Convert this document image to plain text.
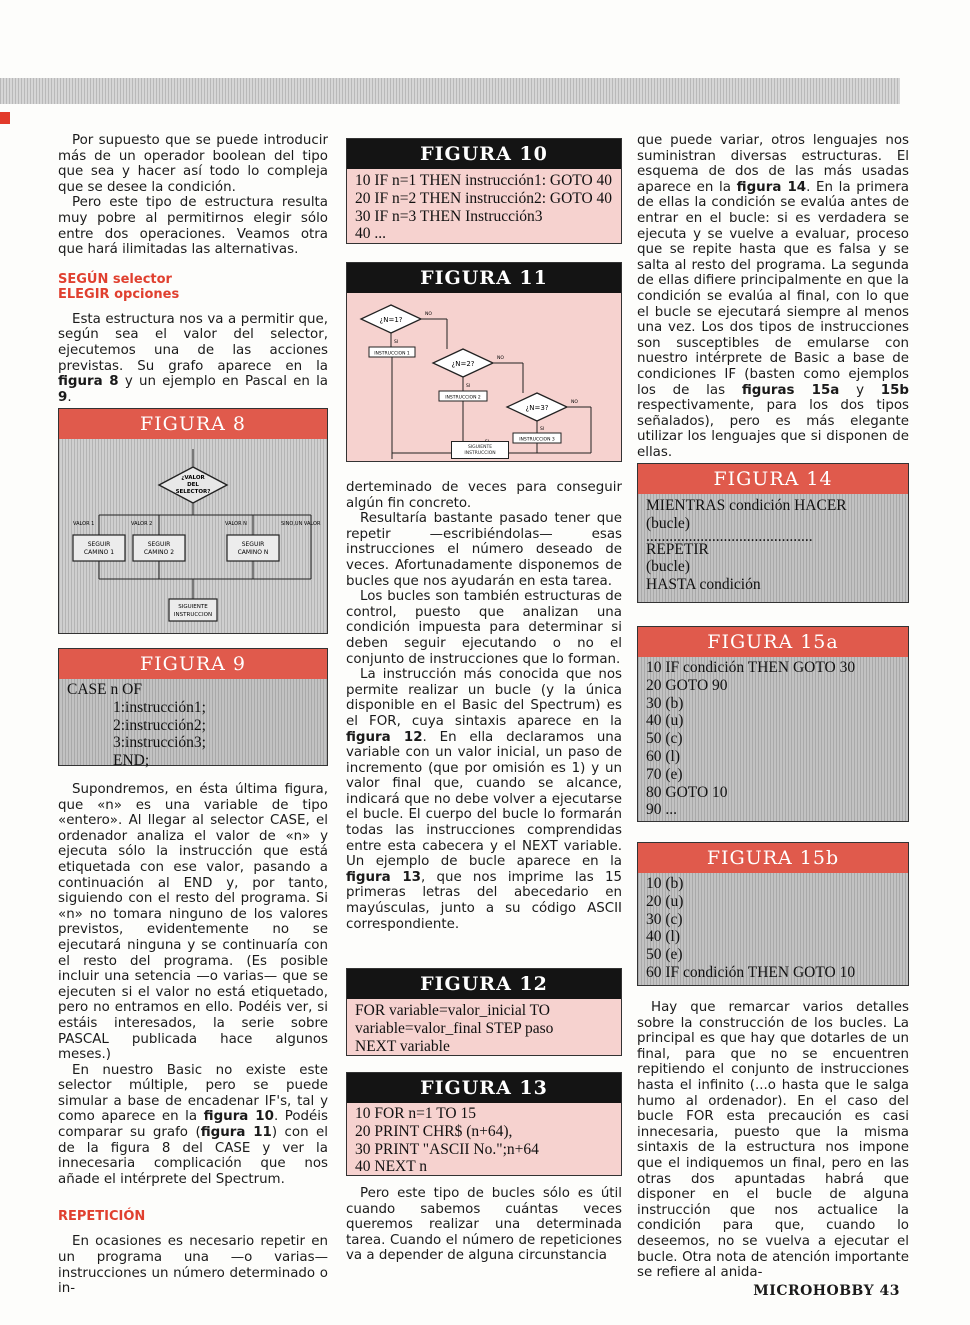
Por supuesto que se puede introducir más de un operador boolean del tipo que sea y hacer así todo lo compleja que se desee la condición.

Pero este tipo de estructura resulta muy pobre al permitirnos elegir sólo entre dos operaciones. Veamos otra que hará ilimitadas las alternativas.

SEGÚN selector
ELEGIR opciones

Esta estructura nos va a permitir que, según sea el valor del selector, ejecutemos una de las acciones previstas. Su grafo aparece en la figura 8 y un ejemplo en Pascal en la 9.

FIGURA 8
¿VALOR
DEL
SELECTOR?
VALOR 1	VALOR 2	VALOR N	SINO,UN VALOR
SEGUIR
CAMINO 1
SEGUIR
CAMINO 2
SEGUIR
CAMINO N
SIGUIENTE
INSTRUCCION
FIGURA 9
CASE n OF
1:instrucción1;
2:instrucción2;
3:instrucción3;
END;

Supondremos, en ésta última figura, que «n» es una variable de tipo «entero». Al llegar al selector CASE, el ordenador analiza el valor de «n» y ejecuta sólo la instrucción que está etiquetada con ese valor, pasando a continuación al END y, por tanto, siguiendo con el resto del programa. Si «n» no tomara ninguno de los valores previstos, evidentemente no se ejecutará ninguna y se continuaría con el resto del programa. (Es posible incluir una setencia —o varias— que se ejecuten si el valor no está etiquetado, pero no entramos en ello. Podéis ver, si estáis interesados, la serie sobre PASCAL publicada hace algunos meses.)

En nuestro Basic no existe este selector múltiple, pero se puede simular a base de encadenar IF's, tal y como aparece en la figura 10. Podéis comparar su grafo (figura 11) con el de la figura 8 del CASE y ver la innecesaria complicación que nos añade el intérprete del Spectrum.

REPETICIÓN

En ocasiones es necesario repetir en un programa una —o varias— instrucciones un número determinado o in-

FIGURA 10
10 IF n=1 THEN instrucción1: GOTO 40
20 IF n=2 THEN instrucción2: GOTO 40
30 IF n=3 THEN Instrucción3
40 ...
FIGURA 11
¿N=1?
NO
SI
INSTRUCCION 1
¿N=2?
NO
SI
INSTRUCCION 2
¿N=3?
NO
SI
INSTRUCCION 3
SIGUIENTE
INSTRUCCION

derteminado de veces para conseguir algún fin concreto.

Resultaría bastante pasado tener que repetir —escribiéndolas— esas instrucciones el número deseado de veces. Afortunadamente disponemos de bucles que nos ayudarán en esta tarea.

Los bucles son también estructuras de control, puesto que analizan una condición impuesta para determinar si deben seguir ejecutando o no el conjunto de instrucciones que lo forman.

La instrucción más conocida que nos permite realizar un bucle (y la única disponible en el Basic del Spectrum) es el FOR, cuya sintaxis aparece en la figura 12. En ella declaramos una variable con un valor inicial, un paso de incremento (que por omisión es 1) y un valor final que, cuando se alcance, indicará que no debe volver a ejecutarse el bucle. El cuerpo del bucle lo formarán todas las instrucciones comprendidas entre esta cabecera y el NEXT variable. Un ejemplo de bucle aparece en la figura 13, que nos imprime las 15 primeras letras del abecedario en mayúsculas, junto a su código ASCII correspondiente.

FIGURA 12
FOR variable=valor_inicial TO
variable=valor_final STEP paso
NEXT variable
FIGURA 13
10 FOR n=1 TO 15
20 PRINT CHR$ (n+64),
30 PRINT "ASCII No.";n+64
40 NEXT n

Pero este tipo de bucles sólo es útil cuando sabemos cuántas veces queremos realizar una determinada tarea. Cuando el número de repeticiones va a depender de alguna circunstancia

que puede variar, otros lenguajes nos suministran diversas estructuras. El esquema de dos de las más usadas aparece en la figura 14. En la primera de ellas la condición se evalúa antes de entrar en el bucle: si es verdadera se ejecuta y se vuelve a evaluar, proceso que se repite hasta que es falsa y se salta al resto del programa. La segunda de ellas difiere principalmente en que la condición se evalúa al final, con lo que el bucle se ejecutará siempre al menos una vez. Los dos tipos de instrucciones son susceptibles de emularse con nuestro intérprete de Basic a base de condiciones IF (basten como ejemplos los de las figuras 15a y 15b respectivamente, para los dos tipos señalados), pero es más elegante utilizar los lenguajes que si disponen de ellas.

FIGURA 14
MIENTRAS condición HACER
(bucle)
...........................................
REPETIR
(bucle)
HASTA condición
FIGURA 15a
10 IF condición THEN GOTO 30
20 GOTO 90
30 (b)
40 (u)
50 (c)
60 (l)
70 (e)
80 GOTO 10
90 ...
FIGURA 15b
10 (b)
20 (u)
30 (c)
40 (l)
50 (e)
60 IF condición THEN GOTO 10

Hay que remarcar varios detalles sobre la construcción de los bucles. La principal es que hay que dotarles de un final, para que no se encuentren repitiendo el conjunto de instrucciones hasta el infinito (...o hasta que le salga humo al ordenador). En el caso del bucle FOR esta precaución es casi innecesaria, puesto que la misma sintaxis de la estructura nos impone que el indiquemos un final, pero en las otras dos apuntadas habrá que disponer en el bucle de alguna instrucción que nos actualice la condición para que, cuando lo deseemos, no se vuelva a ejecutar el bucle. Otra nota de atención importante se refiere al anida-

MICROHOBBY 43
